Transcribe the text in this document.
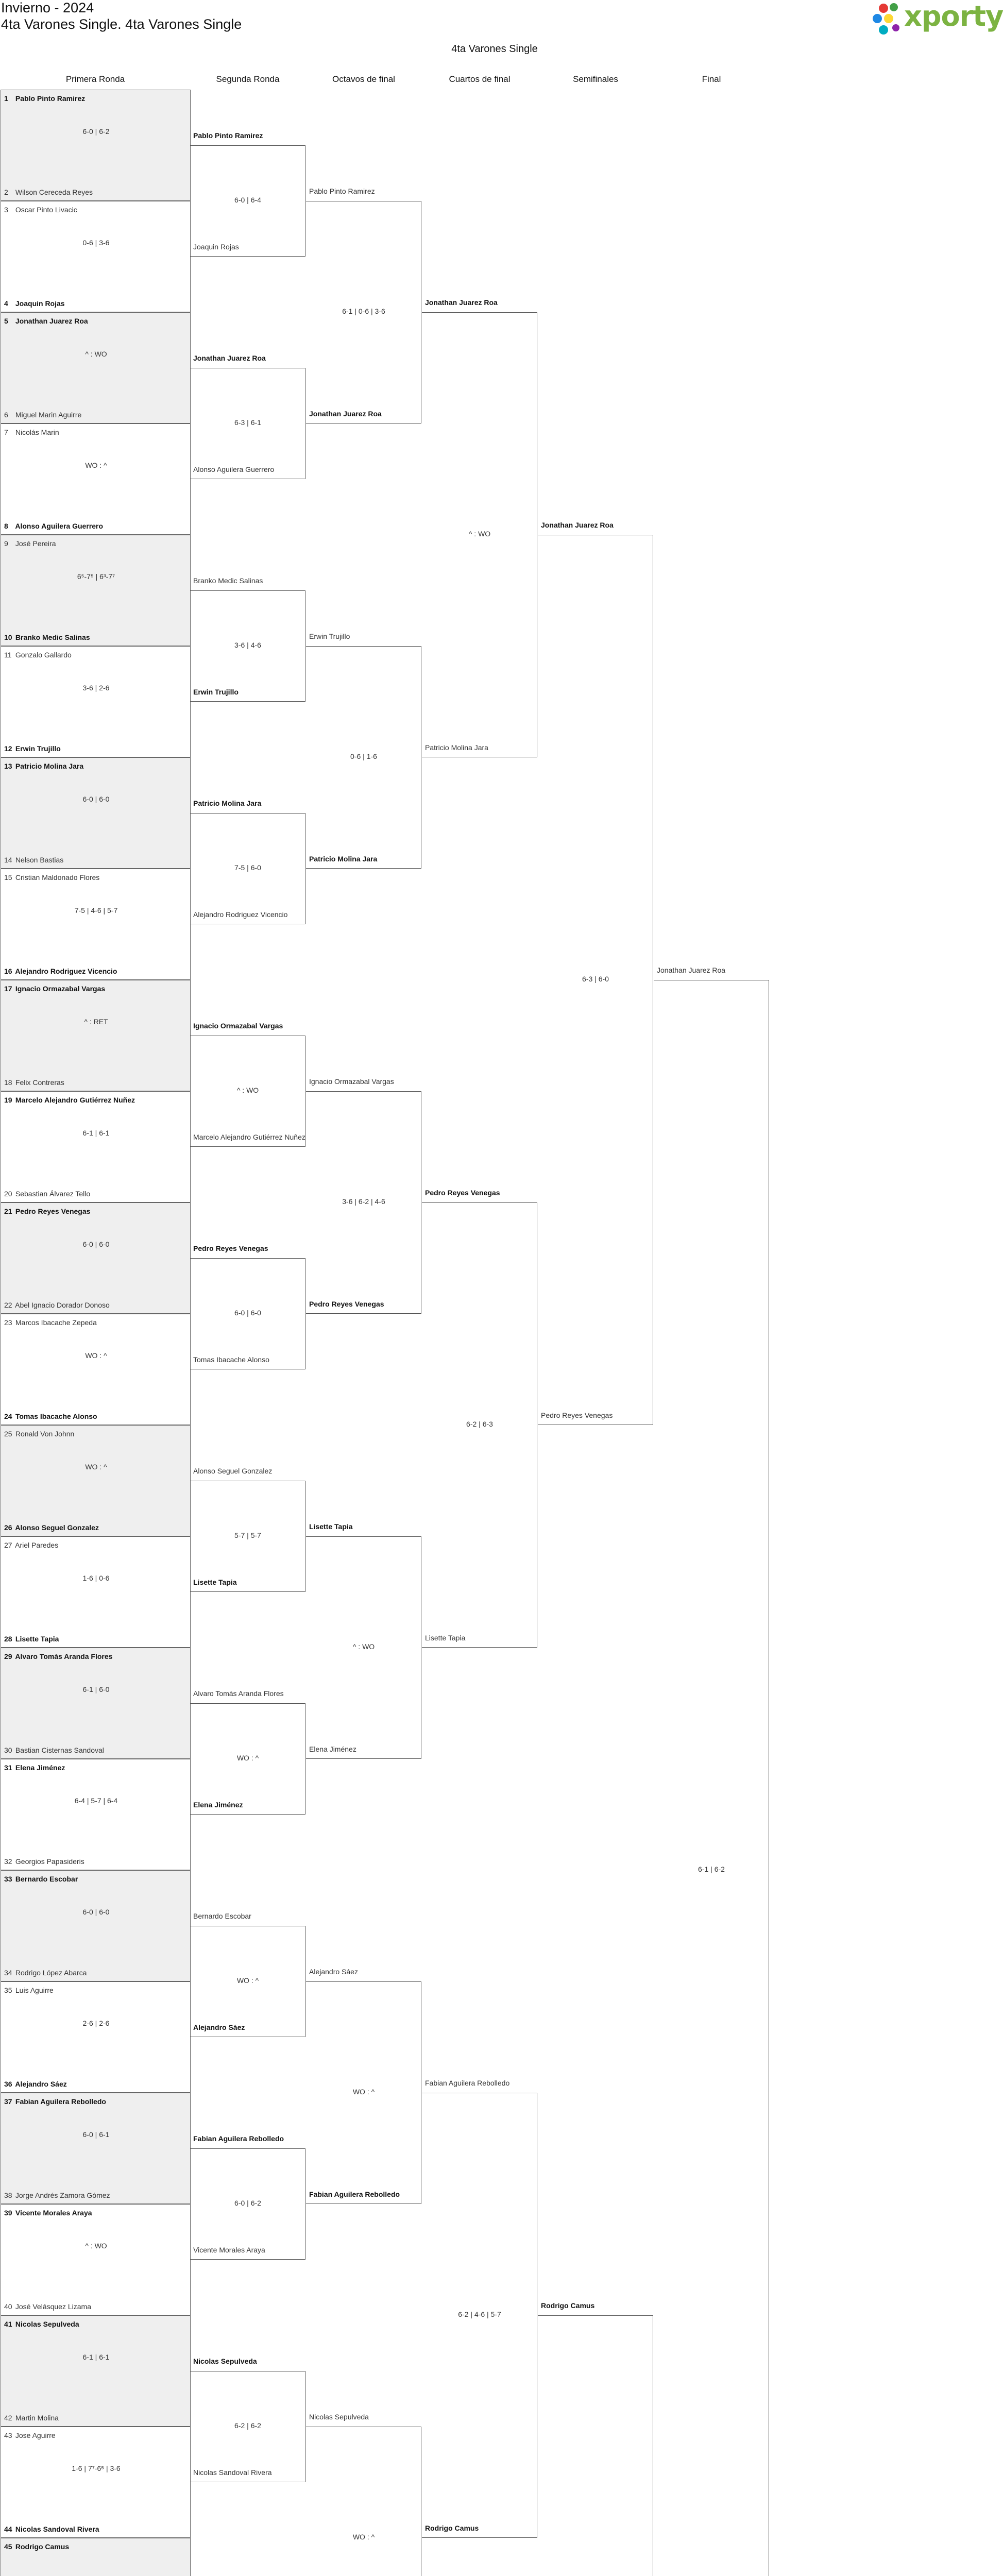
Invierno - 2024
4ta Varones Single. 4ta Varones Single	xporty
4ta Varones Single
Primera Ronda	Segunda Ronda	Octavos de final	Cuartos de final	Semifinales	Final
1 Pablo Pinto Ramirez
2 Wilson Cereceda Reyes
6-0 | 6-2
3 Oscar Pinto Livacic
4 Joaquin Rojas
0-6 | 3-6
5 Jonathan Juarez Roa
6 Miguel Marin Aguirre
^ : WO
7 Nicolás Marin
8 Alonso Aguilera Guerrero
WO : ^
9 José Pereira
10 Branko Medic Salinas
6⁵-7⁵ | 6³-7⁷
11 Gonzalo Gallardo
12 Erwin Trujillo
3-6 | 2-6
13 Patricio Molina Jara
14 Nelson Bastias
6-0 | 6-0
15 Cristian Maldonado Flores
16 Alejandro Rodriguez Vicencio
7-5 | 4-6 | 5-7
17 Ignacio Ormazabal Vargas
18 Felix Contreras
^ : RET
19 Marcelo Alejandro Gutiérrez Nuñez
20 Sebastian Álvarez Tello
6-1 | 6-1
21 Pedro Reyes Venegas
22 Abel Ignacio Dorador Donoso
6-0 | 6-0
23 Marcos Ibacache Zepeda
24 Tomas Ibacache Alonso
WO : ^
25 Ronald Von Johnn
26 Alonso Seguel Gonzalez
WO : ^
27 Ariel Paredes
28 Lisette Tapia
1-6 | 0-6
29 Alvaro Tomás Aranda Flores
30 Bastian Cisternas Sandoval
6-1 | 6-0
31 Elena Jiménez
32 Georgios Papasideris
6-4 | 5-7 | 6-4
33 Bernardo Escobar
34 Rodrigo López Abarca
6-0 | 6-0
35 Luis Aguirre
36 Alejandro Sáez
2-6 | 2-6
37 Fabian Aguilera Rebolledo
38 Jorge Andrés Zamora Gómez
6-0 | 6-1
39 Vicente Morales Araya
40 José Velásquez Lizama
^ : WO
41 Nicolas Sepulveda
42 Martin Molina
6-1 | 6-1
43 Jose Aguirre
44 Nicolas Sandoval Rivera
1-6 | 7⁷-6⁵ | 3-6
45 Rodrigo Camus
Pablo Pinto Ramirez
Joaquin Rojas
6-0 | 6-4
Jonathan Juarez Roa
Alonso Aguilera Guerrero
6-3 | 6-1
Branko Medic Salinas
Erwin Trujillo
3-6 | 4-6
Patricio Molina Jara
Alejandro Rodriguez Vicencio
7-5 | 6-0
Ignacio Ormazabal Vargas
Marcelo Alejandro Gutiérrez Nuñez
^ : WO
Pedro Reyes Venegas
Tomas Ibacache Alonso
6-0 | 6-0
Alonso Seguel Gonzalez
Lisette Tapia
5-7 | 5-7
Alvaro Tomás Aranda Flores
Elena Jiménez
WO : ^
Bernardo Escobar
Alejandro Sáez
WO : ^
Fabian Aguilera Rebolledo
Vicente Morales Araya
6-0 | 6-2
Nicolas Sepulveda
Nicolas Sandoval Rivera
6-2 | 6-2
Pablo Pinto Ramirez
Jonathan Juarez Roa
6-1 | 0-6 | 3-6
Erwin Trujillo
Patricio Molina Jara
0-6 | 1-6
Ignacio Ormazabal Vargas
Pedro Reyes Venegas
3-6 | 6-2 | 4-6
Lisette Tapia
Elena Jiménez
^ : WO
Alejandro Sáez
Fabian Aguilera Rebolledo
WO : ^
Nicolas Sepulveda
WO : ^
Jonathan Juarez Roa
Patricio Molina Jara
^ : WO
Pedro Reyes Venegas
Lisette Tapia
6-2 | 6-3
Fabian Aguilera Rebolledo
Rodrigo Camus
6-2 | 4-6 | 5-7
Jonathan Juarez Roa
Pedro Reyes Venegas
6-3 | 6-0
Rodrigo Camus
Jonathan Juarez Roa
6-1 | 6-2
